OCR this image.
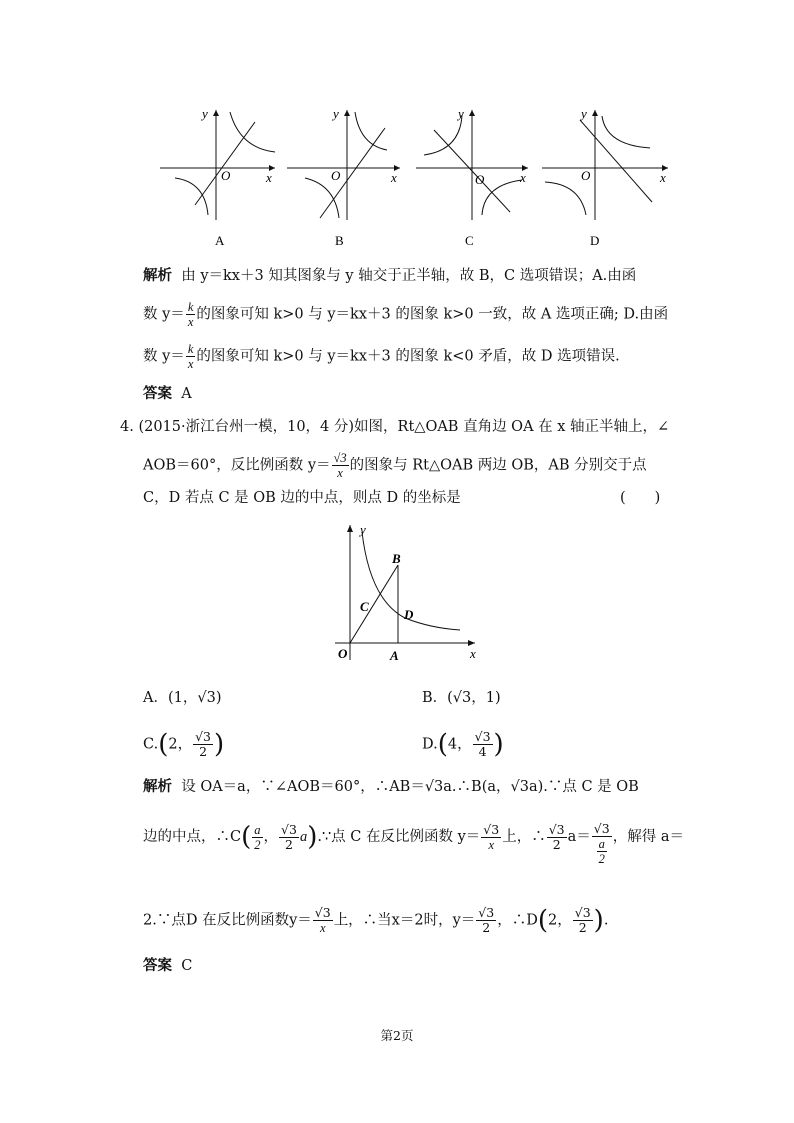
y
x
O
A
y
x
O
B
y
x
O
C
y
x
O
D
解析 由 y＝kx＋3 知其图象与 y 轴交于正半轴，故 B，C 选项错误；A.由函
数 $y= \frac{k}{x}$ 的图象可知 k>0 与 y＝kx＋3 的图象 k>0 一致，故 A 选项正确; D.由函
数 $y= \frac{k}{x}$ 的图象可知 k>0 与 y＝kx＋3 的图象 k<0 矛盾，故 D 选项错误.
答案 A
4. (2015·浙江台州一模，10，4 分)如图，Rt△OAB 直角边 OA 在 x 轴正半轴上，∠
AOB＝60°，反比例函数 $y= \frac{√3}{x}$ 的图象与 Rt△OAB 两边 OB，AB 分别交于点
C，D 若点 C 是 OB 边的中点，则点 D 的坐标是	(　　)
y
x
O	A
B
C
D
A．(1，√3)	B．(√3，1)
C.(2， $\frac{√3}{2}$ )	D.(4， $\frac{√3}{4}$ )
解析 设 OA＝a，∵∠AOB＝60°，∴AB＝√3a.∴B(a，√3a).∵点 C 是 OB
边的中点，∴C( $\frac{a}{2}$ ， $\frac{√3}{2}$ a).∵点 C 在反比例函数 $y= \frac{√3}{x}$ 上，∴ $\frac{√3}{2} a= \frac{√3}{\frac{a}{2}}$ ，解得 a＝
2.∵点D 在反比例函数$y= \frac{√3}{x}$ 上，∴当x＝2时，$y= \frac{√3}{2}$ ，∴D(2， $\frac{√3}{2}$ ).
答案 C
第2页
